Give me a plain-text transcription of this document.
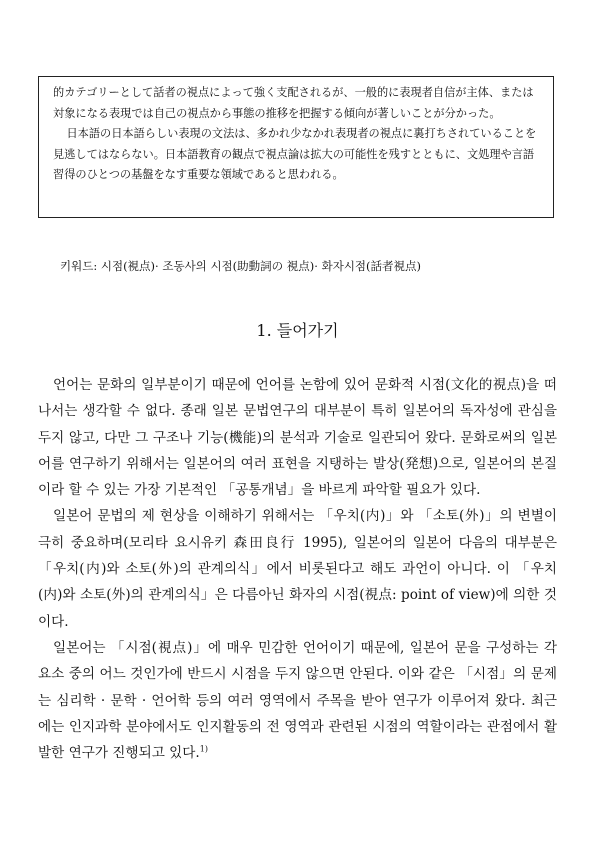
的カテゴリーとして話者の視点によって強く支配されるが、一般的に表現者自信が主体、または対象になる表現では自己の視点から事態の推移を把握する傾向が著しいことが分かった。

日本語の日本語らしい表現の文法は、多かれ少なかれ表現者の視点に裏打ちされていることを見逃してはならない。日本語教育の観点で視点論は拡大の可能性を残すとともに、文処理や言語習得のひとつの基盤をなす重要な領域であると思われる。

키워드: 시점(視点)· 조동사의 시점(助動詞の 視点)· 화자시점(話者視点)
1. 들어가기

언어는 문화의 일부분이기 때문에 언어를 논함에 있어 문화적 시점(文化的視点)을 떠나서는 생각할 수 없다. 종래 일본 문법연구의 대부분이 특히 일본어의 독자성에 관심을 두지 않고, 다만 그 구조나 기능(機能)의 분석과 기술로 일관되어 왔다. 문화로써의 일본어를 연구하기 위해서는 일본어의 여러 표현을 지탱하는 발상(発想)으로, 일본어의 본질이라 할 수 있는 가장 기본적인 「공통개념」을 바르게 파악할 필요가 있다.

일본어 문법의 제 현상을 이해하기 위해서는 「우치(内)」와 「소토(外)」의 변별이 극히 중요하며(모리타 요시유키 森田良行 1995), 일본어의 일본어 다음의 대부분은 「우치(内)와 소토(外)의 관계의식」에서 비롯된다고 해도 과언이 아니다. 이 「우치(内)와 소토(外)의 관계의식」은 다름아닌 화자의 시점(視点: point of view)에 의한 것이다.

일본어는 「시점(視点)」에 매우 민감한 언어이기 때문에, 일본어 문을 구성하는 각 요소 중의 어느 것인가에 반드시 시점을 두지 않으면 안된다. 이와 같은 「시점」의 문제는 심리학 · 문학 · 언어학 등의 여러 영역에서 주목을 받아 연구가 이루어져 왔다. 최근에는 인지과학 분야에서도 인지활동의 전 영역과 관련된 시점의 역할이라는 관점에서 활발한 연구가 진행되고 있다.$^{1)}$
